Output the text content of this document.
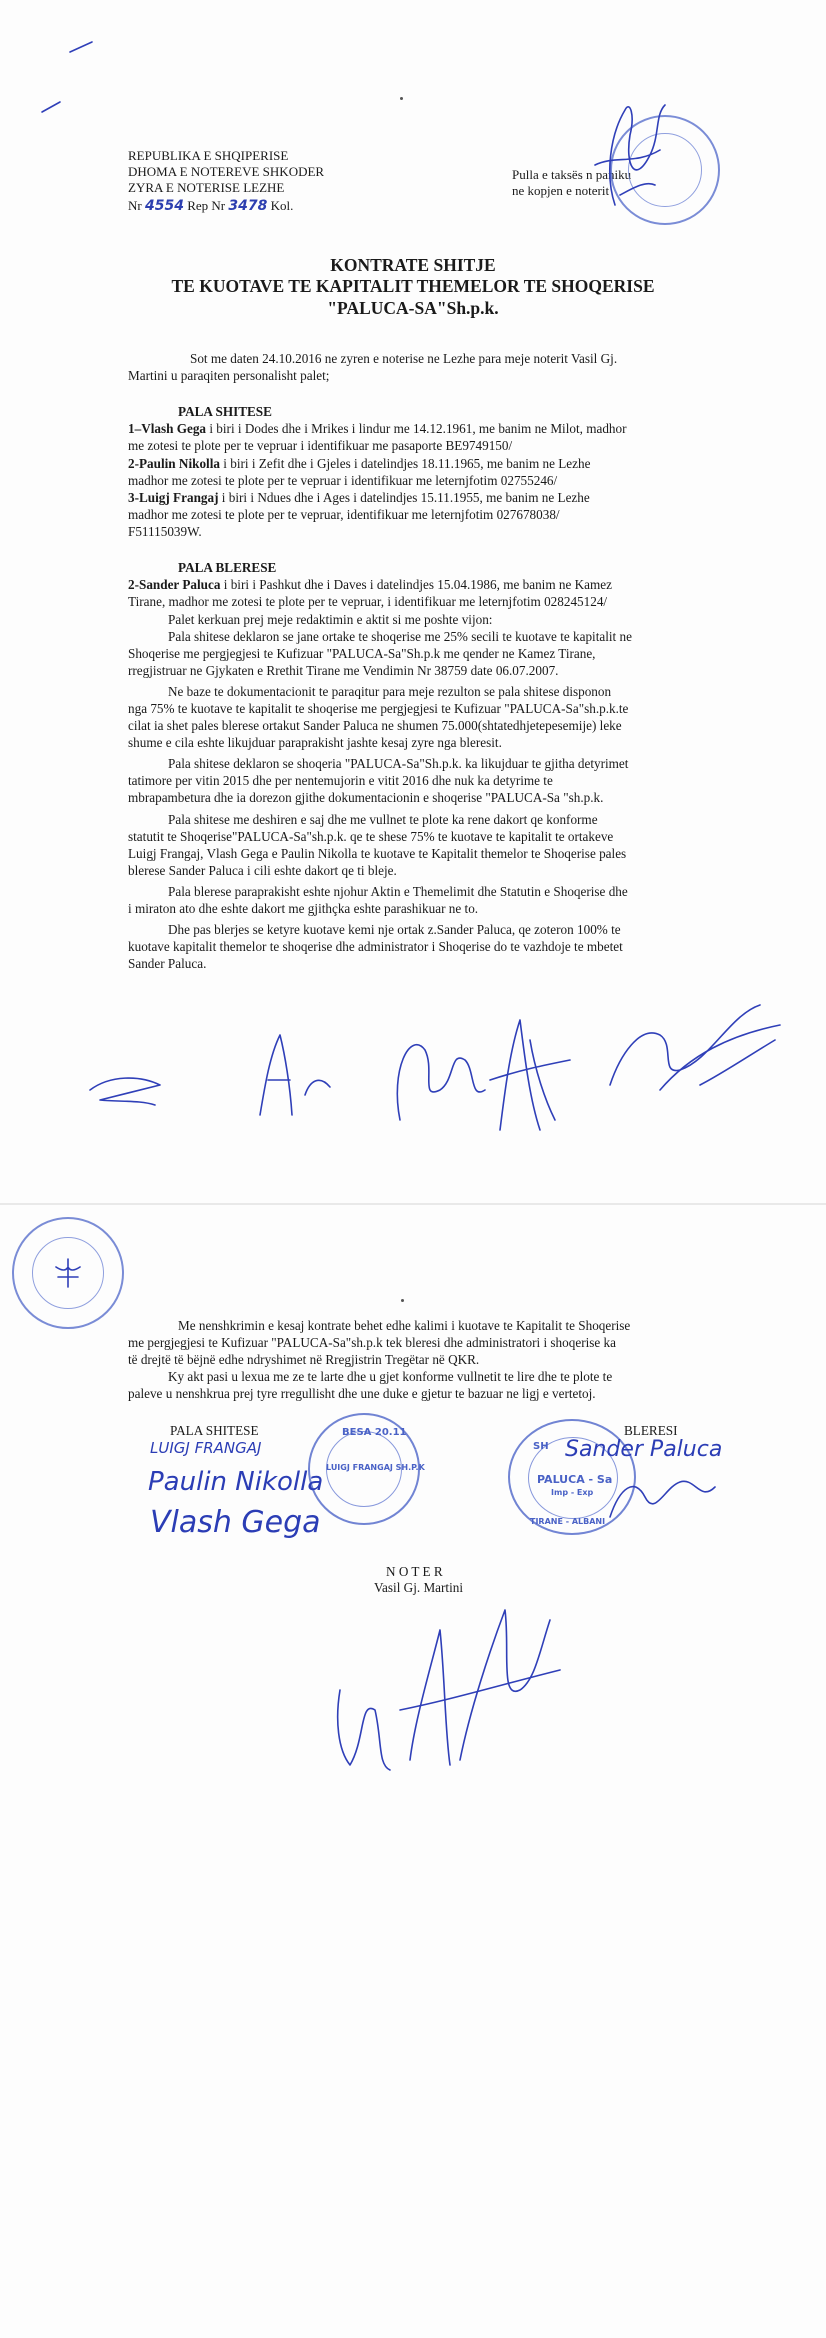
REPUBLIKA E SHQIPERISE

DHOMA E NOTEREVE SHKODER

ZYRA E NOTERISE LEZHE

Nr 4554 Rep Nr 3478 Kol.

Pulla e taksës n paniku

ne kopjen e noterit

KONTRATE SHITJE

TE KUOTAVE TE KAPITALIT THEMELOR TE SHOQERISE

"PALUCA-SA"Sh.p.k.

Sot me daten 24.10.2016 ne zyren e noterise ne Lezhe para meje noterit Vasil Gj.

Martini u paraqiten personalisht palet;

PALA SHITESE

1–Vlash Gega i biri i Dodes dhe i Mrikes i lindur me 14.12.1961, me banim ne Milot, madhor

me zotesi te plote per te vepruar i identifikuar me pasaporte BE9749150/

2-Paulin Nikolla i biri i Zefit dhe i Gjeles i datelindjes 18.11.1965, me banim ne Lezhe

madhor me zotesi te plote per te vepruar i identifikuar me leternjfotim 02755246/

3-Luigj Frangaj i biri i Ndues dhe i Ages i datelindjes 15.11.1955, me banim ne Lezhe

madhor me zotesi te plote per te vepruar, identifikuar me leternjfotim 027678038/

F51115039W.

PALA BLERESE

2-Sander Paluca i biri i Pashkut dhe i Daves i datelindjes 15.04.1986, me banim ne Kamez

Tirane, madhor me zotesi te plote per te vepruar, i identifikuar me leternjfotim 028245124/

Palet kerkuan prej meje redaktimin e aktit si me poshte vijon:

Pala shitese deklaron se jane ortake te shoqerise me 25% secili te kuotave te kapitalit ne

Shoqerise me pergjegjesi te Kufizuar "PALUCA-Sa"Sh.p.k me qender ne Kamez Tirane,

rregjistruar ne Gjykaten e Rrethit Tirane me Vendimin Nr 38759 date 06.07.2007.

Ne baze te dokumentacionit te paraqitur para meje rezulton se pala shitese disponon

nga 75% te kuotave te kapitalit te shoqerise me pergjegjesi te Kufizuar "PALUCA-Sa"sh.p.k.te

cilat ia shet pales blerese ortakut Sander Paluca ne shumen 75.000(shtatedhjetepesemije) leke

shume e cila eshte likujduar paraprakisht jashte kesaj zyre nga bleresit.

Pala shitese deklaron se shoqeria "PALUCA-Sa"Sh.p.k. ka likujduar te gjitha detyrimet

tatimore per vitin 2015 dhe per nentemujorin e vitit 2016 dhe nuk ka detyrime te

mbrapambetura dhe ia dorezon gjithe dokumentacionin e shoqerise "PALUCA-Sa "sh.p.k.

Pala shitese me deshiren e saj dhe me vullnet te plote ka rene dakort qe konforme

statutit te Shoqerise"PALUCA-Sa"sh.p.k. qe te shese 75% te kuotave te kapitalit te ortakeve

Luigj Frangaj, Vlash Gega e Paulin Nikolla te kuotave te Kapitalit themelor te Shoqerise pales

blerese Sander Paluca i cili eshte dakort qe ti bleje.

Pala blerese paraprakisht eshte njohur Aktin e Themelimit dhe Statutin e Shoqerise dhe

i miraton ato dhe eshte dakort me gjithçka eshte parashikuar ne to.

Dhe pas blerjes se ketyre kuotave kemi nje ortak z.Sander Paluca, qe zoteron 100% te

kuotave kapitalit themelor te shoqerise dhe administrator i Shoqerise do te vazhdoje te mbetet

Sander Paluca.

Me nenshkrimin e kesaj kontrate behet edhe kalimi i kuotave te Kapitalit te Shoqerise

me pergjegjesi te Kufizuar "PALUCA-Sa"sh.p.k tek bleresi dhe administratori i shoqerise ka

të drejtë të bëjnë edhe ndryshimet në Rregjistrin Tregëtar në QKR.

Ky akt pasi u lexua me ze te larte dhe u gjet konforme vullnetit te lire dhe te plote te

paleve u nenshkrua prej tyre rregullisht dhe une duke e gjetur te bazuar ne ligj e vertetoj.

PALA SHITESE	BLERESI

BESA 20.11
LUIGJ FRANGAJ SH.P.K
SH
PALUCA - Sa
Imp - Exp
TIRANE - ALBANI
LUIGJ FRANGAJ
Paulin Nikolla
Vlash Gega
Sander Paluca

N O T E R

Vasil Gj. Martini
